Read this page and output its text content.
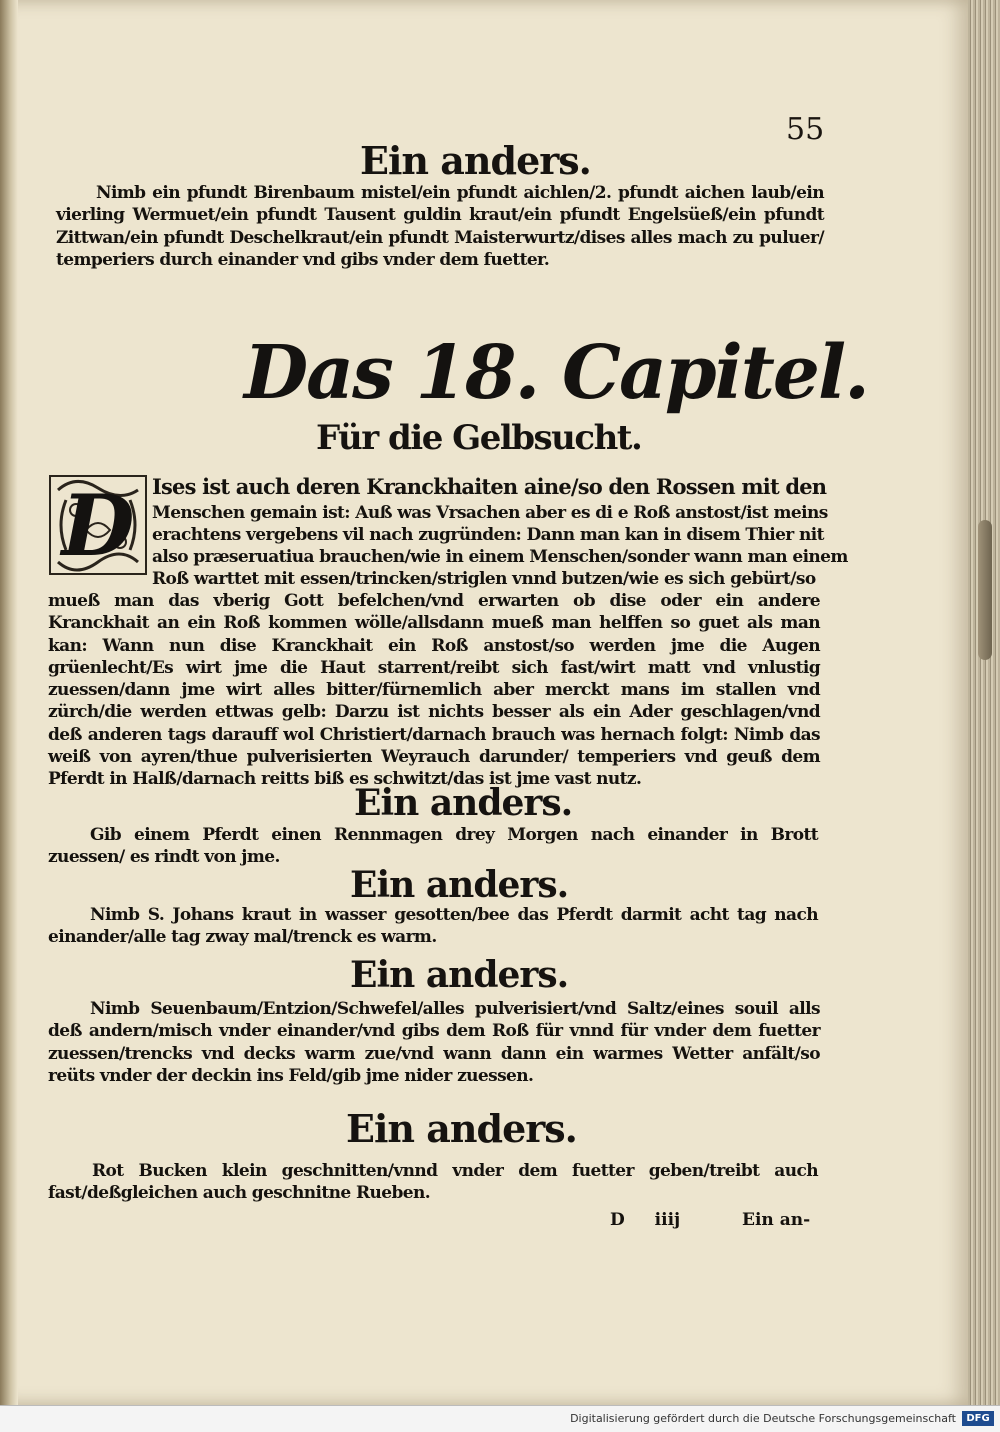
55
Ein anders.
Nimb ein pfundt Birenbaum mistel/ein pfundt aichlen/2. pfundt aichen laub/ein vierling Wermuet/ein pfundt Tausent guldin kraut/ein pfundt Engelsüeß/ein pfundt Zittwan/ein pfundt Deschelkraut/ein pfundt Maisterwurtz/dises alles mach zu puluer/ temperiers durch einander vnd gibs vnder dem fuetter.
Das 18. Capitel.
Für die Gelbsucht.
D Ises ist auch deren Kranckhaiten aine/so den Rossen mit den
Menschen gemain ist: Auß was Vrsachen aber es di e Roß anstost/ist meins
erachtens vergebens vil nach zugründen: Dann man kan in disem Thier nit
also præseruatiua brauchen/wie in einem Menschen/sonder wann man einem
Roß warttet mit essen/trincken/striglen vnnd butzen/wie es sich gebürt/so
mueß man das vberig Gott befelchen/vnd erwarten ob dise oder ein andere Kranckhait an ein Roß kommen wölle/allsdann mueß man helffen so guet als man kan: Wann nun dise Kranckhait ein Roß anstost/so werden jme die Augen grüenlecht/Es wirt jme die Haut starrent/reibt sich fast/wirt matt vnd vnlustig zuessen/dann jme wirt alles bitter/fürnemlich aber merckt mans im stallen vnd zürch/die werden ettwas gelb: Darzu ist nichts besser als ein Ader geschlagen/vnd deß anderen tags darauff wol Christiert/darnach brauch was hernach folgt: Nimb das weiß von ayren/thue pulverisierten Weyrauch darunder/ temperiers vnd geuß dem Pferdt in Halß/darnach reitts biß es schwitzt/das ist jme vast nutz.
Ein anders.
Gib einem Pferdt einen Rennmagen drey Morgen nach einander in Brott zuessen/ es rindt von jme.
Ein anders.
Nimb S. Johans kraut in wasser gesotten/bee das Pferdt darmit acht tag nach einander/alle tag zway mal/trenck es warm.
Ein anders.
Nimb Seuenbaum/Entzion/Schwefel/alles pulverisiert/vnd Saltz/eines souil alls deß andern/misch vnder einander/vnd gibs dem Roß für vnnd für vnder dem fuetter zuessen/trencks vnd decks warm zue/vnd wann dann ein warmes Wetter anfält/so reüts vnder der deckin ins Feld/gib jme nider zuessen.
Ein anders.
Rot Bucken klein geschnitten/vnnd vnder dem fuetter geben/treibt auch fast/deßgleichen auch geschnitne Rueben.
D iiij	Ein an-
Digitalisierung gefördert durch die Deutsche Forschungsgemeinschaft	DFG
